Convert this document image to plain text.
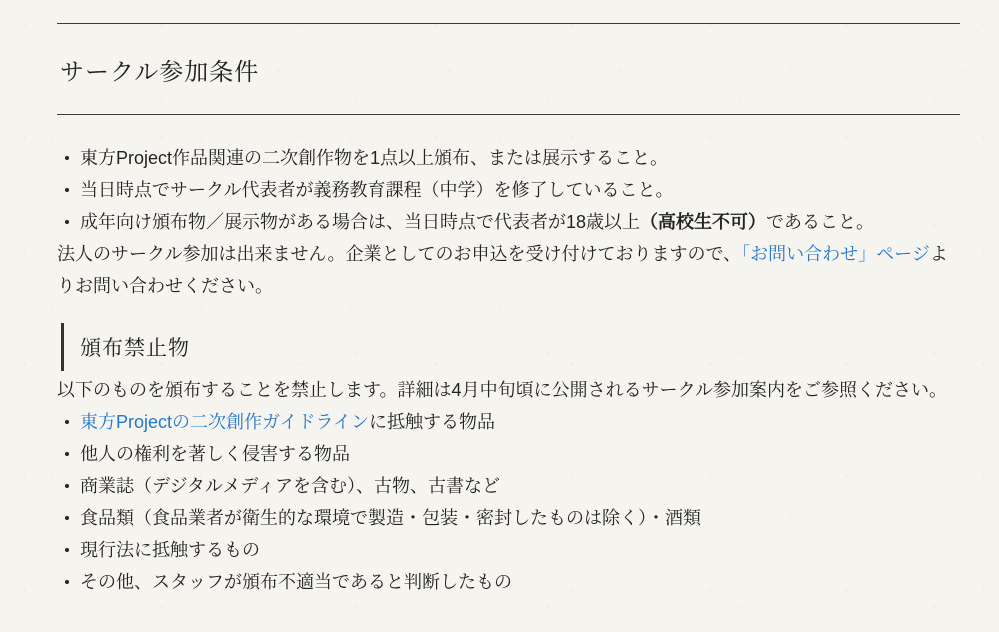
サークル参加条件
東方Project作品関連の二次創作物を1点以上頒布、または展示すること。
当日時点でサークル代表者が義務教育課程（中学）を修了していること。
成年向け頒布物／展示物がある場合は、当日時点で代表者が18歳以上（高校生不可）であること。

法人のサークル参加は出来ません。企業としてのお申込を受け付けておりますので、「お問い合わせ」ページよりお問い合わせください。

頒布禁止物

以下のものを頒布することを禁止します。詳細は4月中旬頃に公開されるサークル参加案内をご参照ください。

東方Projectの二次創作ガイドラインに抵触する物品
他人の権利を著しく侵害する物品
商業誌（デジタルメディアを含む）、古物、古書など
食品類（食品業者が衛生的な環境で製造・包装・密封したものは除く）・酒類
現行法に抵触するもの
その他、スタッフが頒布不適当であると判断したもの
